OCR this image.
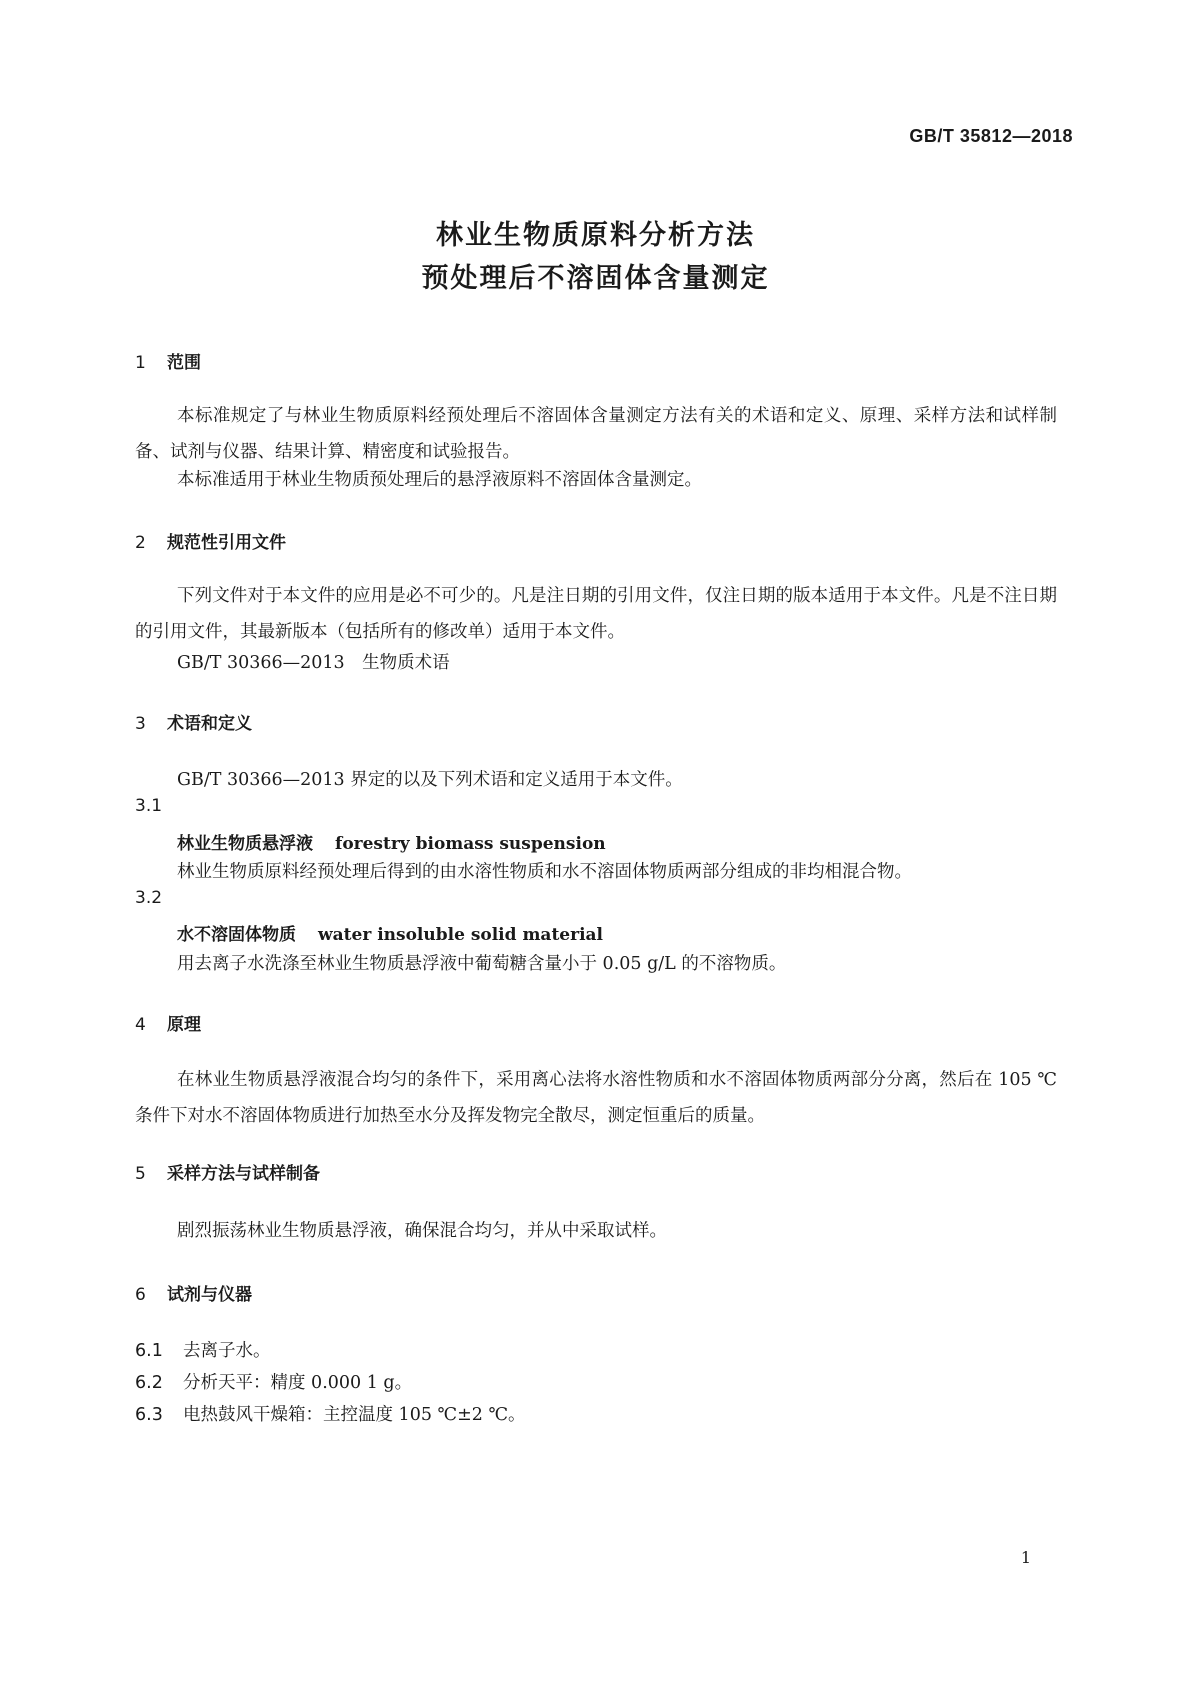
GB/T 35812—2018
林业生物质原料分析方法
预处理后不溶固体含量测定
1 范围
本标准规定了与林业生物质原料经预处理后不溶固体含量测定方法有关的术语和定义、原理、采样方法和试样制备、试剂与仪器、结果计算、精密度和试验报告。
本标准适用于林业生物质预处理后的悬浮液原料不溶固体含量测定。
2 规范性引用文件
下列文件对于本文件的应用是必不可少的。凡是注日期的引用文件，仅注日期的版本适用于本文件。凡是不注日期的引用文件，其最新版本（包括所有的修改单）适用于本文件。
GB/T 30366—2013　生物质术语
3 术语和定义
GB/T 30366—2013 界定的以及下列术语和定义适用于本文件。
3.1
林业生物质悬浮液 forestry biomass suspension
林业生物质原料经预处理后得到的由水溶性物质和水不溶固体物质两部分组成的非均相混合物。
3.2
水不溶固体物质 water insoluble solid material
用去离子水洗涤至林业生物质悬浮液中葡萄糖含量小于 0.05 g/L 的不溶物质。
4 原理
在林业生物质悬浮液混合均匀的条件下，采用离心法将水溶性物质和水不溶固体物质两部分分离，然后在 105 ℃条件下对水不溶固体物质进行加热至水分及挥发物完全散尽，测定恒重后的质量。
5 采样方法与试样制备
剧烈振荡林业生物质悬浮液，确保混合均匀，并从中采取试样。
6 试剂与仪器
6.1 去离子水。
6.2 分析天平：精度 0.000 1 g。
6.3 电热鼓风干燥箱：主控温度 105 ℃±2 ℃。
1
